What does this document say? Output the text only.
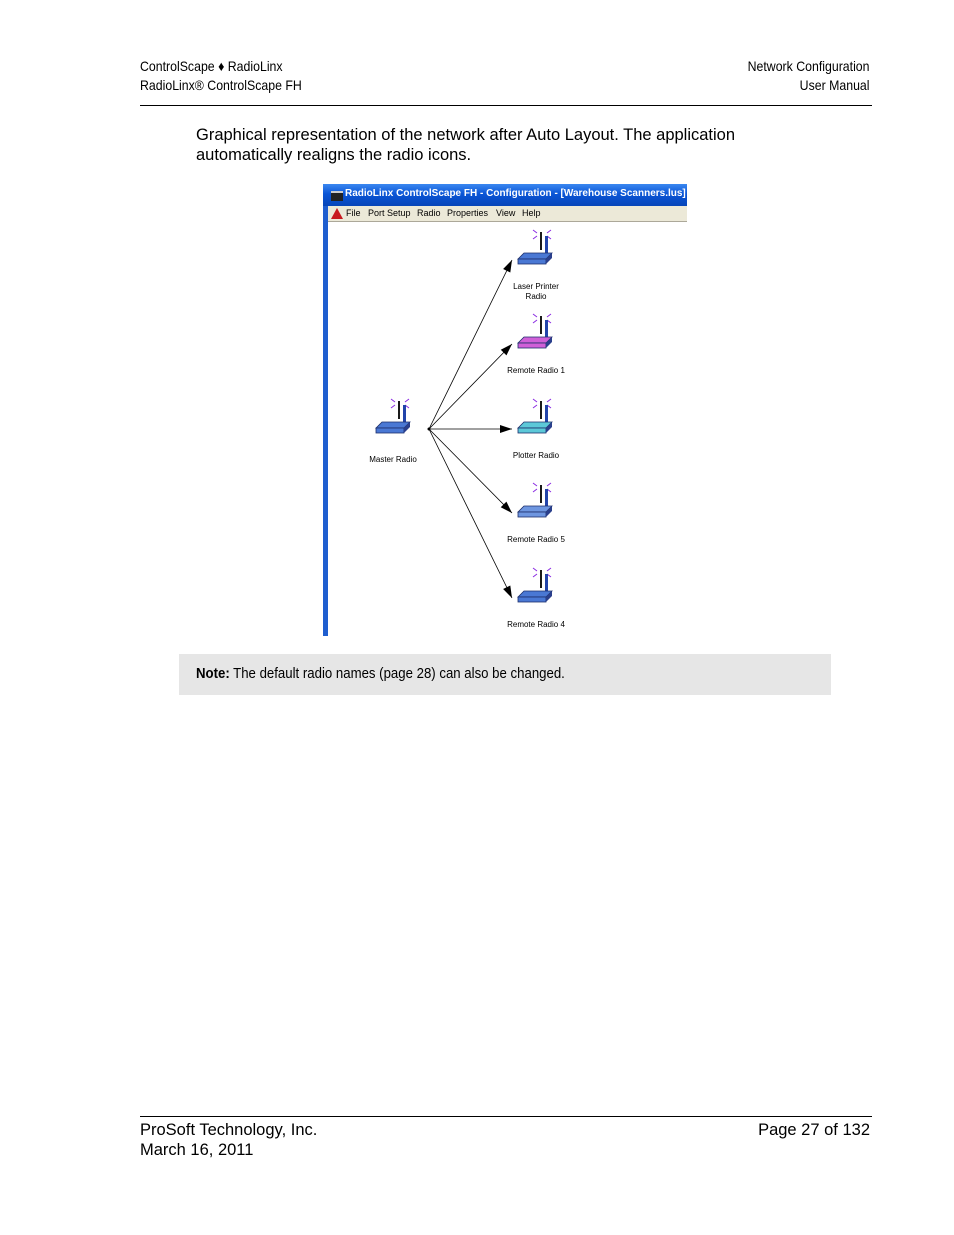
ControlScape ♦ RadioLinx
RadioLinx® ControlScape FH
Network Configuration
User Manual
Graphical representation of the network after Auto Layout. The application automatically realigns the radio icons.
RadioLinx ControlScape FH - Configuration - [Warehouse Scanners.lus]
File Port Setup Radio Properties View Help
Master Radio
Laser Printer
Radio
Remote Radio 1
Plotter Radio
Remote Radio 5
Remote Radio 4
Note: The default radio names (page 28) can also be changed.
ProSoft Technology, Inc.
March 16, 2011
Page 27 of 132
